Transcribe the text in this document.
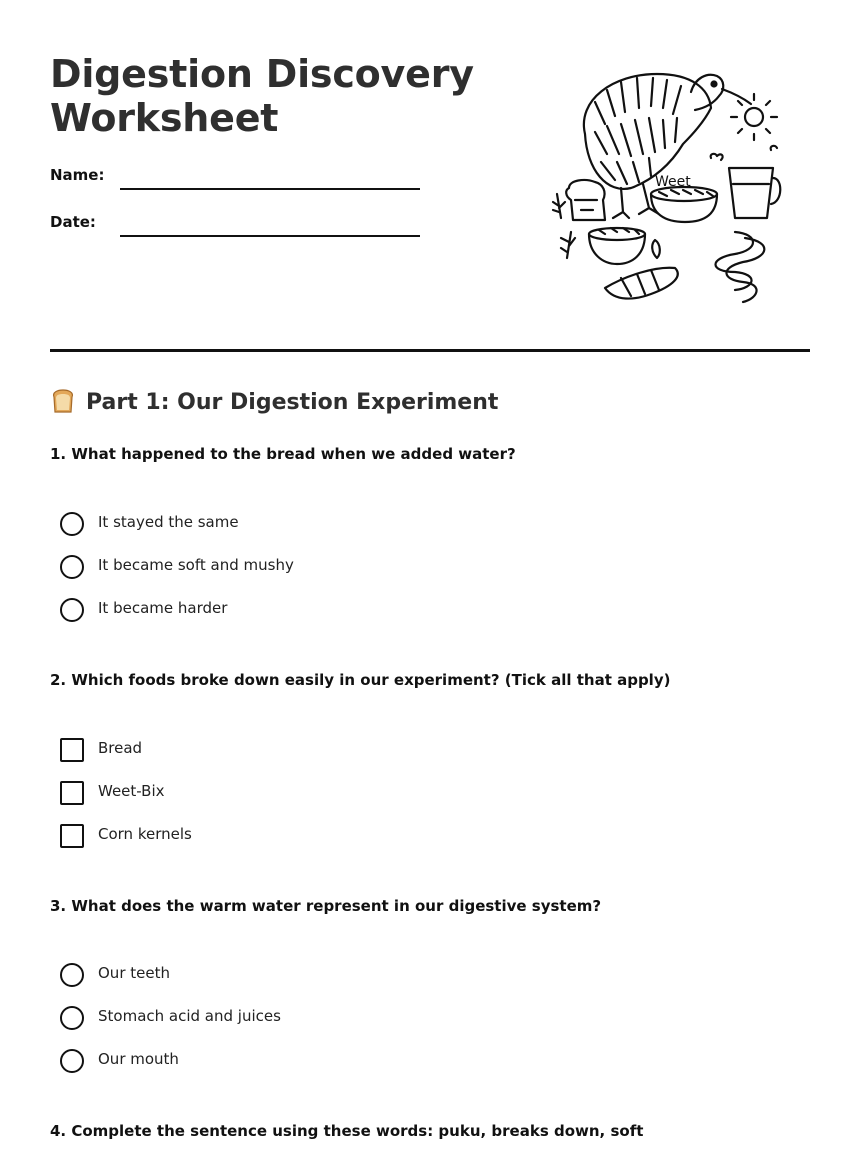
Digestion Discovery
Worksheet
Name:
Date:
Weet
Part 1: Our Digestion Experiment

1. What happened to the bread when we added water?

It stayed the same
It became soft and mushy
It became harder

2. Which foods broke down easily in our experiment? (Tick all that apply)

Bread
Weet-Bix
Corn kernels

3. What does the warm water represent in our digestive system?

Our teeth
Stomach acid and juices
Our mouth

4. Complete the sentence using these words: puku, breaks down, soft
